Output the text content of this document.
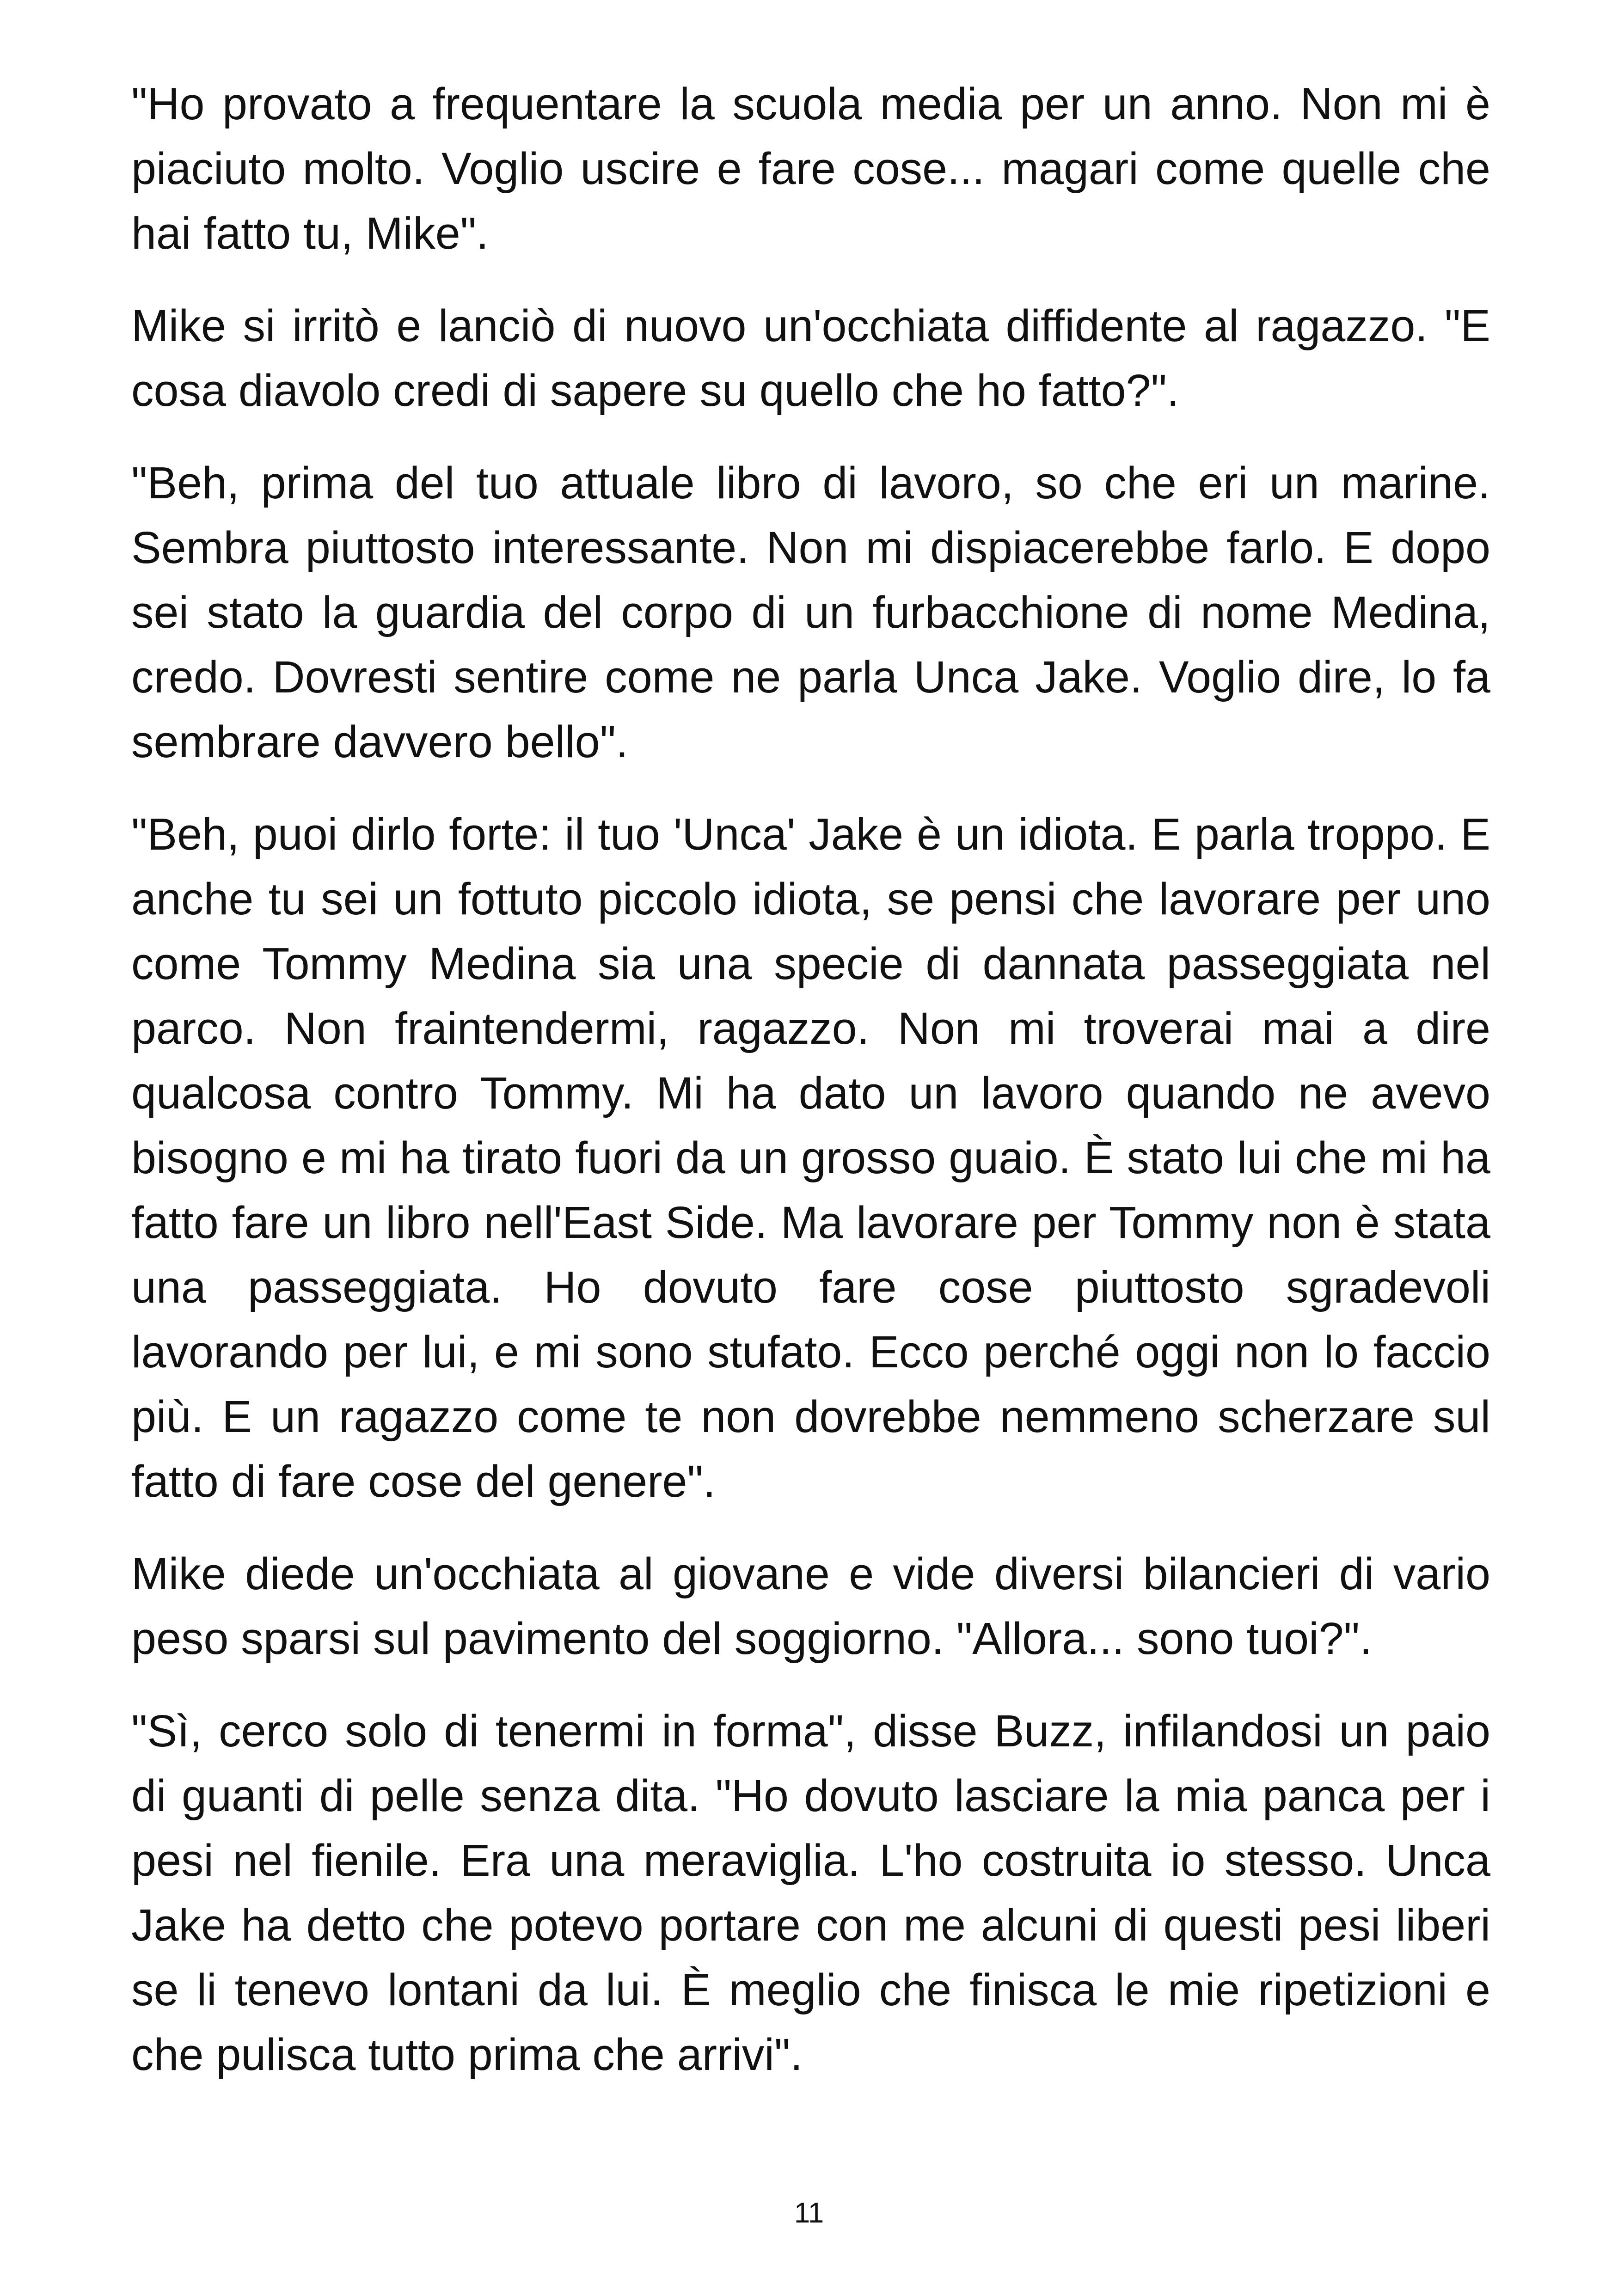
"Ho provato a frequentare la scuola media per un anno. Non mi è piaciuto molto. Voglio uscire e fare cose... magari come quelle che hai fatto tu, Mike".

Mike si irritò e lanciò di nuovo un'occhiata diffidente al ragazzo. "E cosa diavolo credi di sapere su quello che ho fatto?".

"Beh, prima del tuo attuale libro di lavoro, so che eri un marine. Sembra piuttosto interessante. Non mi dispiacerebbe farlo. E dopo sei stato la guardia del corpo di un furbacchione di nome Medina, credo. Dovresti sentire come ne parla Unca Jake. Voglio dire, lo fa sembrare davvero bello".

"Beh, puoi dirlo forte: il tuo 'Unca' Jake è un idiota. E parla troppo. E anche tu sei un fottuto piccolo idiota, se pensi che lavorare per uno come Tommy Medina sia una specie di dannata passeggiata nel parco. Non fraintendermi, ragazzo. Non mi troverai mai a dire qualcosa contro Tommy. Mi ha dato un lavoro quando ne avevo bisogno e mi ha tirato fuori da un grosso guaio. È stato lui che mi ha fatto fare un libro nell'East Side. Ma lavorare per Tommy non è stata una passeggiata. Ho dovuto fare cose piuttosto sgradevoli lavorando per lui, e mi sono stufato. Ecco perché oggi non lo faccio più. E un ragazzo come te non dovrebbe nemmeno scherzare sul fatto di fare cose del genere".

Mike diede un'occhiata al giovane e vide diversi bilancieri di vario peso sparsi sul pavimento del soggiorno. "Allora... sono tuoi?".

"Sì, cerco solo di tenermi in forma", disse Buzz, infilandosi un paio di guanti di pelle senza dita. "Ho dovuto lasciare la mia panca per i pesi nel fienile. Era una meraviglia. L'ho costruita io stesso. Unca Jake ha detto che potevo portare con me alcuni di questi pesi liberi se li tenevo lontani da lui. È meglio che finisca le mie ripetizioni e che pulisca tutto prima che arrivi".

11
